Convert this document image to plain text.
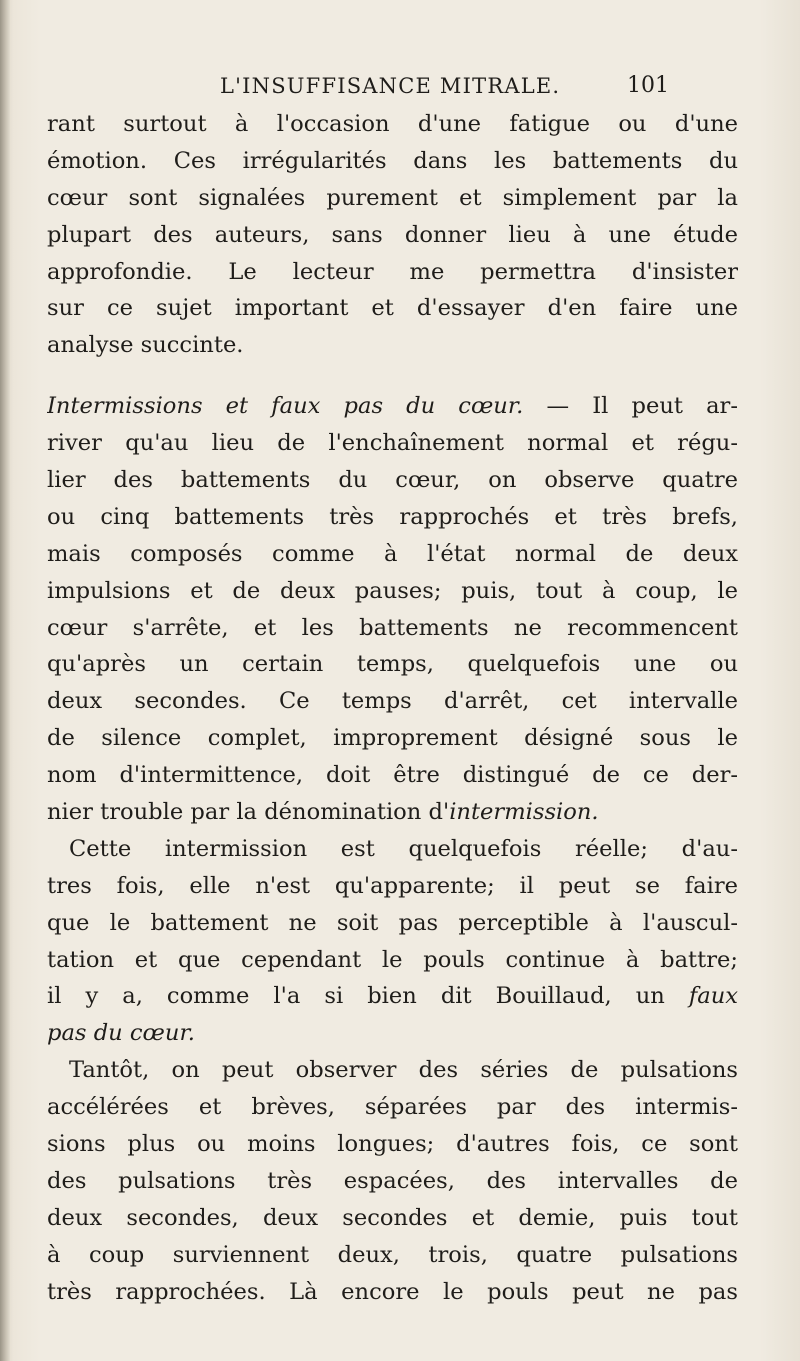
L'INSUFFISANCE MITRALE.	101
rant surtout à l'occasion d'une fatigue ou d'une
émotion. Ces irrégularités dans les battements du
cœur sont signalées purement et simplement par la
plupart des auteurs, sans donner lieu à une étude
approfondie. Le lecteur me permettra d'insister
sur ce sujet important et d'essayer d'en faire une
analyse succinte.
Intermissions et faux pas du cœur. — Il peut ar-
river qu'au lieu de l'enchaînement normal et régu-
lier des battements du cœur, on observe quatre
ou cinq battements très rapprochés et très brefs,
mais composés comme à l'état normal de deux
impulsions et de deux pauses; puis, tout à coup, le
cœur s'arrête, et les battements ne recommencent
qu'après un certain temps, quelquefois une ou
deux secondes. Ce temps d'arrêt, cet intervalle
de silence complet, improprement désigné sous le
nom d'intermittence, doit être distingué de ce der-
nier trouble par la dénomination d'intermission.
Cette intermission est quelquefois réelle; d'au-
tres fois, elle n'est qu'apparente; il peut se faire
que le battement ne soit pas perceptible à l'auscul-
tation et que cependant le pouls continue à battre;
il y a, comme l'a si bien dit Bouillaud, un faux
pas du cœur.
Tantôt, on peut observer des séries de pulsations
accélérées et brèves, séparées par des intermis-
sions plus ou moins longues; d'autres fois, ce sont
des pulsations très espacées, des intervalles de
deux secondes, deux secondes et demie, puis tout
à coup surviennent deux, trois, quatre pulsations
très rapprochées. Là encore le pouls peut ne pas
